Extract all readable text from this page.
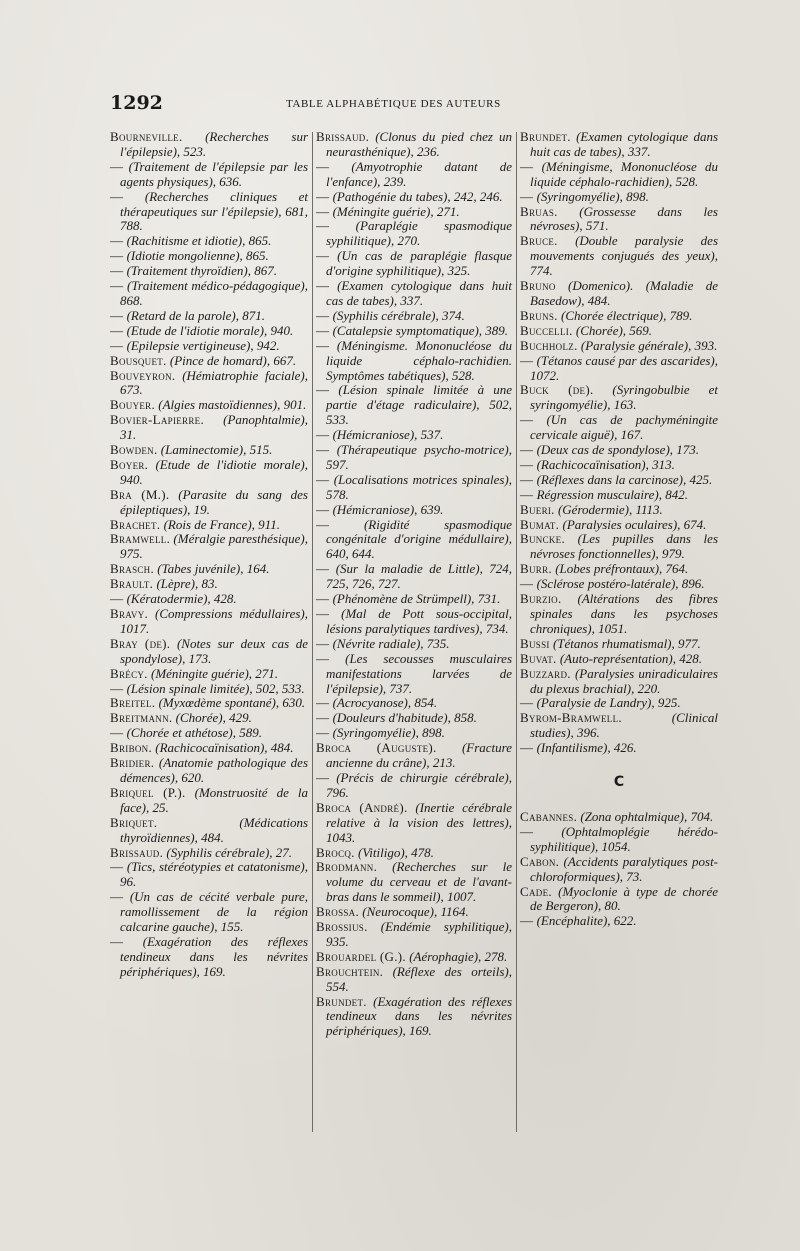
1292	TABLE ALPHABÉTIQUE DES AUTEURS

Bourneville. (Recherches sur l'épilepsie), 523.

— (Traitement de l'épilepsie par les agents physiques), 636.

— (Recherches cliniques et thérapeutiques sur l'épilepsie), 681, 788.

— (Rachitisme et idiotie), 865.

— (Idiotie mongolienne), 865.

— (Traitement thyroïdien), 867.

— (Traitement médico-pédagogique), 868.

— (Retard de la parole), 871.

— (Etude de l'idiotie morale), 940.

— (Epilepsie vertigineuse), 942.

Bousquet. (Pince de homard), 667.

Bouveyron. (Hémiatrophie faciale), 673.

Bouyer. (Algies mastoïdiennes), 901.

Bovier-Lapierre. (Panophtalmie), 31.

Bowden. (Laminectomie), 515.

Boyer. (Etude de l'idiotie morale), 940.

Bra (M.). (Parasite du sang des épileptiques), 19.

Brachet. (Rois de France), 911.

Bramwell. (Méralgie paresthésique), 975.

Brasch. (Tabes juvénile), 164.

Brault. (Lèpre), 83.

— (Kératodermie), 428.

Bravy. (Compressions médullaires), 1017.

Bray (de). (Notes sur deux cas de spondylose), 173.

Brécy. (Méningite guérie), 271.

— (Lésion spinale limitée), 502, 533.

Breitel. (Myxœdème spontané), 630.

Breitmann. (Chorée), 429.

— (Chorée et athétose), 589.

Bribon. (Rachicocaïnisation), 484.

Bridier. (Anatomie pathologique des démences), 620.

Briquel (P.). (Monstruosité de la face), 25.

Briquet.	(Médications thyroïdiennes), 484.

Brissaud. (Syphilis cérébrale), 27.

— (Tics, stéréotypies et catatonisme), 96.

— (Un cas de cécité verbale pure, ramollissement de la région calcarine gauche), 155.

— (Exagération des réflexes tendineux dans les névrites périphériques), 169.

Brissaud. (Clonus du pied chez un neurasthénique), 236.

— (Amyotrophie datant de l'enfance), 239.

— (Pathogénie du tabes), 242, 246.

— (Méningite guérie), 271.

— (Paraplégie spasmodique syphilitique), 270.

— (Un cas de paraplégie flasque d'origine syphilitique), 325.

— (Examen cytologique dans huit cas de tabes), 337.

— (Syphilis cérébrale), 374.

— (Catalepsie symptomatique), 389.

— (Méningisme. Mononucléose du liquide céphalo-rachidien. Symptômes tabétiques), 528.

— (Lésion spinale limitée à une partie d'étage radiculaire), 502, 533.

— (Hémicraniose), 537.

— (Thérapeutique psycho-motrice), 597.

— (Localisations motrices spinales), 578.

— (Hémicraniose), 639.

—	(Rigidité spasmodique congénitale d'origine médullaire), 640, 644.

— (Sur la maladie de Little), 724, 725, 726, 727.

— (Phénomène de Strümpell), 731.

— (Mal de Pott sous-occipital, lésions paralytiques tardives), 734.

— (Névrite radiale), 735.

— (Les secousses musculaires manifestations larvées de l'épilepsie), 737.

— (Acrocyanose), 854.

— (Douleurs d'habitude), 858.

— (Syringomyélie), 898.

Broca (Auguste). (Fracture ancienne du crâne), 213.

— (Précis de chirurgie cérébrale), 796.

Broca (André). (Inertie cérébrale relative à la vision des lettres), 1043.

Brocq. (Vitiligo), 478.

Brodmann. (Recherches sur le volume du cerveau et de l'avant-bras dans le sommeil), 1007.

Brossa. (Neurocoque), 1164.

Brossius. (Endémie syphilitique), 935.

Brouardel (G.). (Aérophagie), 278.

Brouchtein. (Réflexe des orteils), 554.

Brundet. (Exagération des réflexes tendineux dans les névrites périphériques), 169.

Brundet. (Examen cytologique dans huit cas de tabes), 337.

— (Méningisme, Mononucléose du liquide céphalo-rachidien), 528.

— (Syringomyélie), 898.

Bruas. (Grossesse dans les névroses), 571.

Bruce. (Double paralysie des mouvements conjugués des yeux), 774.

Bruno (Domenico). (Maladie de Basedow), 484.

Bruns. (Chorée électrique), 789.

Buccelli. (Chorée), 569.

Buchholz. (Paralysie générale), 393.

— (Tétanos causé par des ascarides), 1072.

Buck (de). (Syringobulbie et syringomyélie), 163.

— (Un cas de pachyméningite cervicale aiguë), 167.

— (Deux cas de spondylose), 173.

— (Rachicocaïnisation), 313.

— (Réflexes dans la carcinose), 425.

— Régression musculaire), 842.

Bueri. (Gérodermie), 1113.

Bumat. (Paralysies oculaires), 674.

Buncke. (Les pupilles dans les névroses fonctionnelles), 979.

Burr. (Lobes préfrontaux), 764.

— (Sclérose postéro-latérale), 896.

Burzio. (Altérations des fibres spinales dans les psychoses chroniques), 1051.

Bussi (Tétanos rhumatismal), 977.

Buvat. (Auto-représentation), 428.

Buzzard. (Paralysies uniradiculaires du plexus brachial), 220.

— (Paralysie de Landry), 925.

Byrom-Bramwell.	(Clinical studies), 396.

— (Infantilisme), 426.

C

Cabannes. (Zona ophtalmique), 704.

— (Ophtalmoplégie hérédo-syphilitique), 1054.

Cabon. (Accidents paralytiques post-chloroformiques), 73.

Cade. (Myoclonie à type de chorée de Bergeron), 80.

— (Encéphalite), 622.
